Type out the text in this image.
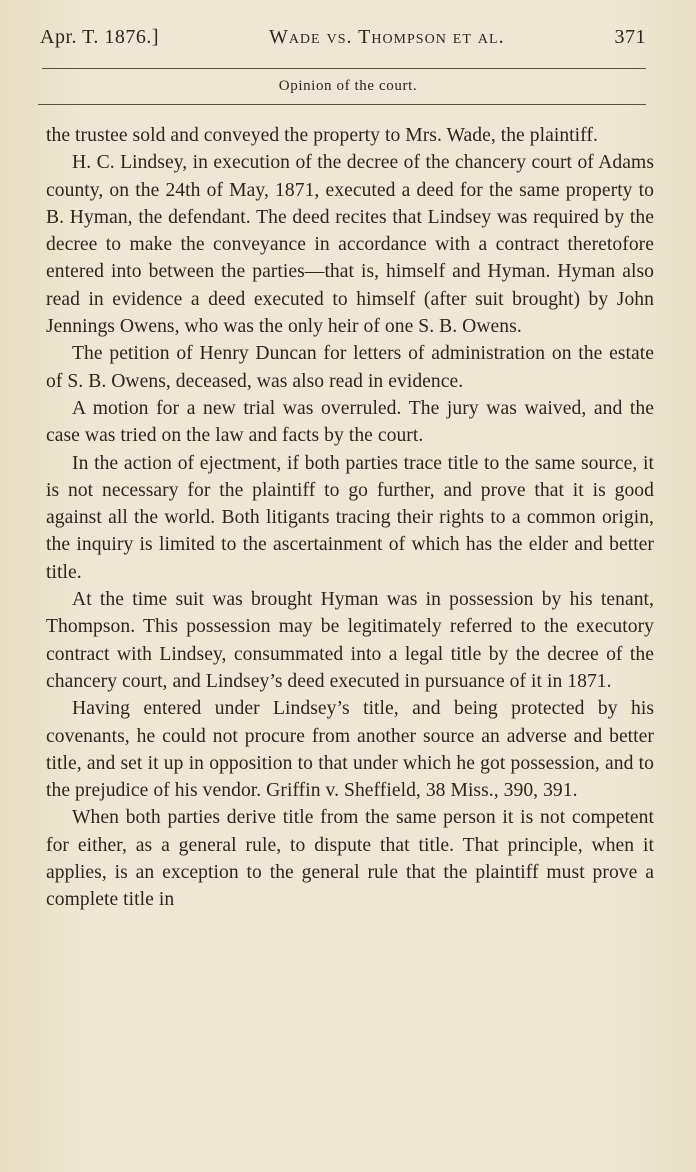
Apr. T. 1876.]	Wade vs. Thompson et al.	371
Opinion of the court.

the trustee sold and conveyed the property to Mrs. Wade, the plaintiff.

H. C. Lindsey, in execution of the decree of the chancery court of Adams county, on the 24th of May, 1871, executed a deed for the same property to B. Hyman, the defendant. The deed recites that Lindsey was required by the decree to make the conveyance in accordance with a contract theretofore entered into between the parties—that is, himself and Hyman. Hyman also read in evidence a deed executed to himself (after suit brought) by John Jennings Owens, who was the only heir of one S. B. Owens.

The petition of Henry Duncan for letters of administration on the estate of S. B. Owens, deceased, was also read in evidence.

A motion for a new trial was overruled. The jury was waived, and the case was tried on the law and facts by the court.

In the action of ejectment, if both parties trace title to the same source, it is not necessary for the plaintiff to go further, and prove that it is good against all the world. Both litigants tracing their rights to a common origin, the inquiry is limited to the ascertainment of which has the elder and better title.

At the time suit was brought Hyman was in possession by his tenant, Thompson. This possession may be legitimately referred to the executory contract with Lindsey, consummated into a legal title by the decree of the chancery court, and Lindsey’s deed executed in pursuance of it in 1871.

Having entered under Lindsey’s title, and being protected by his covenants, he could not procure from another source an adverse and better title, and set it up in opposition to that under which he got possession, and to the prejudice of his vendor. Griffin v. Sheffield, 38 Miss., 390, 391.

When both parties derive title from the same person it is not competent for either, as a general rule, to dispute that title. That principle, when it applies, is an exception to the general rule that the plaintiff must prove a complete title in
